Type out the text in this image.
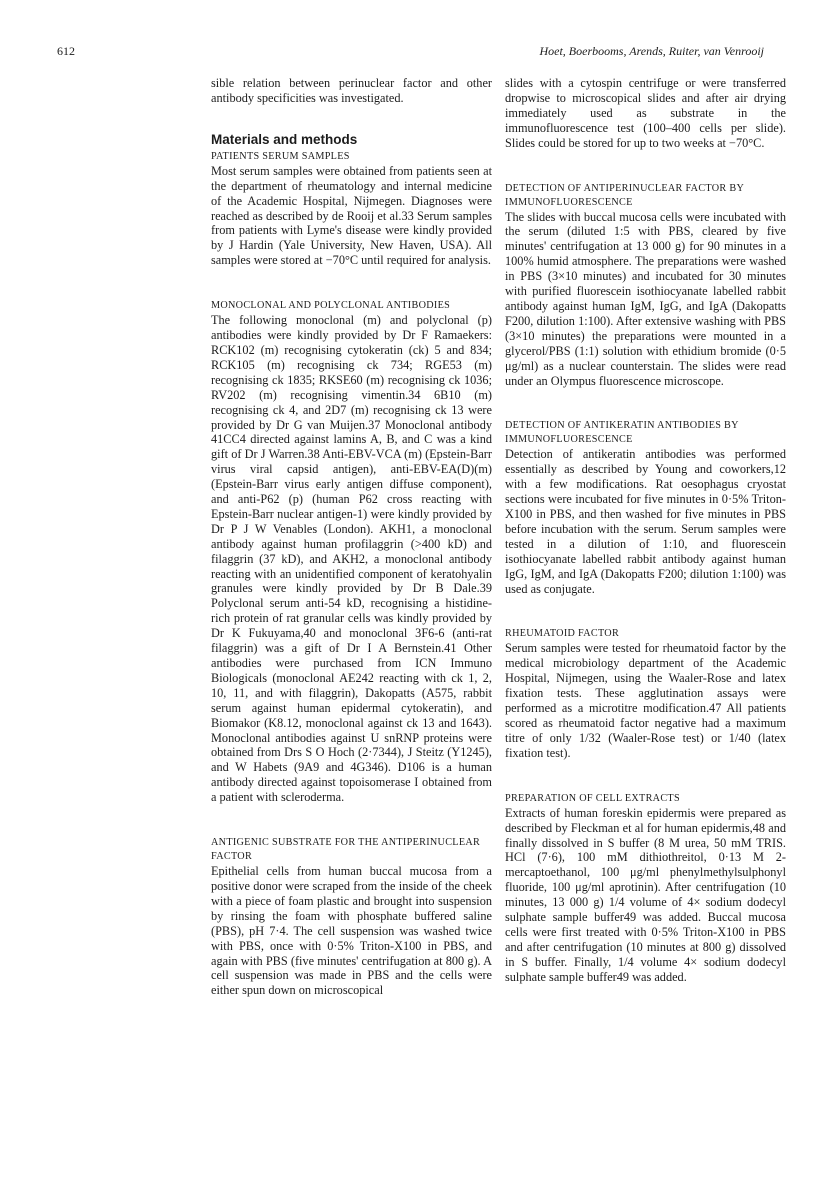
612	Hoet, Boerbooms, Arends, Ruiter, van Venrooij

sible relation between perinuclear factor and other antibody specificities was investigated.

Materials and methods
PATIENTS SERUM SAMPLES

Most serum samples were obtained from patients seen at the department of rheumatology and internal medicine of the Academic Hospital, Nijmegen. Diagnoses were reached as described by de Rooij et al.33 Serum samples from patients with Lyme's disease were kindly provided by J Hardin (Yale University, New Haven, USA). All samples were stored at −70°C until required for analysis.

MONOCLONAL AND POLYCLONAL ANTIBODIES

The following monoclonal (m) and polyclonal (p) antibodies were kindly provided by Dr F Ramaekers: RCK102 (m) recognising cytokeratin (ck) 5 and 834; RCK105 (m) recognising ck 734; RGE53 (m) recognising ck 1835; RKSE60 (m) recognising ck 1036; RV202 (m) recognising vimentin.34 6B10 (m) recognising ck 4, and 2D7 (m) recognising ck 13 were provided by Dr G van Muijen.37 Monoclonal antibody 41CC4 directed against lamins A, B, and C was a kind gift of Dr J Warren.38 Anti-EBV-VCA (m) (Epstein-Barr virus viral capsid antigen), anti-EBV-EA(D)(m) (Epstein-Barr virus early antigen diffuse component), and anti-P62 (p) (human P62 cross reacting with Epstein-Barr nuclear antigen-1) were kindly provided by Dr P J W Venables (London). AKH1, a monoclonal antibody against human profilaggrin (>400 kD) and filaggrin (37 kD), and AKH2, a monoclonal antibody reacting with an unidentified component of keratohyalin granules were kindly provided by Dr B Dale.39 Polyclonal serum anti-54 kD, recognising a histidine-rich protein of rat granular cells was kindly provided by Dr K Fukuyama,40 and monoclonal 3F6-6 (anti-rat filaggrin) was a gift of Dr I A Bernstein.41 Other antibodies were purchased from ICN Immuno Biologicals (monoclonal AE242 reacting with ck 1, 2, 10, 11, and with filaggrin), Dakopatts (A575, rabbit serum against human epidermal cytokeratin), and Biomakor (K8.12, monoclonal against ck 13 and 1643). Monoclonal antibodies against U snRNP proteins were obtained from Drs S O Hoch (2·7344), J Steitz (Y1245), and W Habets (9A9 and 4G346). D106 is a human antibody directed against topoisomerase I obtained from a patient with scleroderma.

ANTIGENIC SUBSTRATE FOR THE ANTIPERINUCLEAR FACTOR

Epithelial cells from human buccal mucosa from a positive donor were scraped from the inside of the cheek with a piece of foam plastic and brought into suspension by rinsing the foam with phosphate buffered saline (PBS), pH 7·4. The cell suspension was washed twice with PBS, once with 0·5% Triton-X100 in PBS, and again with PBS (five minutes' centrifugation at 800 g). A cell suspension was made in PBS and the cells were either spun down on microscopical

slides with a cytospin centrifuge or were transferred dropwise to microscopical slides and after air drying immediately used as substrate in the immunofluorescence test (100–400 cells per slide). Slides could be stored for up to two weeks at −70°C.

DETECTION OF ANTIPERINUCLEAR FACTOR BY IMMUNOFLUORESCENCE

The slides with buccal mucosa cells were incubated with the serum (diluted 1:5 with PBS, cleared by five minutes' centrifugation at 13 000 g) for 90 minutes in a 100% humid atmosphere. The preparations were washed in PBS (3×10 minutes) and incubated for 30 minutes with purified fluorescein isothiocyanate labelled rabbit antibody against human IgM, IgG, and IgA (Dakopatts F200, dilution 1:100). After extensive washing with PBS (3×10 minutes) the preparations were mounted in a glycerol/PBS (1:1) solution with ethidium bromide (0·5 μg/ml) as a nuclear counterstain. The slides were read under an Olympus fluorescence microscope.

DETECTION OF ANTIKERATIN ANTIBODIES BY IMMUNOFLUORESCENCE

Detection of antikeratin antibodies was performed essentially as described by Young and coworkers,12 with a few modifications. Rat oesophagus cryostat sections were incubated for five minutes in 0·5% Triton-X100 in PBS, and then washed for five minutes in PBS before incubation with the serum. Serum samples were tested in a dilution of 1:10, and fluorescein isothiocyanate labelled rabbit antibody against human IgG, IgM, and IgA (Dakopatts F200; dilution 1:100) was used as conjugate.

RHEUMATOID FACTOR

Serum samples were tested for rheumatoid factor by the medical microbiology department of the Academic Hospital, Nijmegen, using the Waaler-Rose and latex fixation tests. These agglutination assays were performed as a microtitre modification.47 All patients scored as rheumatoid factor negative had a maximum titre of only 1/32 (Waaler-Rose test) or 1/40 (latex fixation test).

PREPARATION OF CELL EXTRACTS

Extracts of human foreskin epidermis were prepared as described by Fleckman et al for human epidermis,48 and finally dissolved in S buffer (8 M urea, 50 mM TRIS. HCl (7·6), 100 mM dithiothreitol, 0·13 M 2-mercaptoethanol, 100 μg/ml phenylmethylsulphonyl fluoride, 100 μg/ml aprotinin). After centrifugation (10 minutes, 13 000 g) 1/4 volume of 4× sodium dodecyl sulphate sample buffer49 was added. Buccal mucosa cells were first treated with 0·5% Triton-X100 in PBS and after centrifugation (10 minutes at 800 g) dissolved in S buffer. Finally, 1/4 volume 4× sodium dodecyl sulphate sample buffer49 was added.
